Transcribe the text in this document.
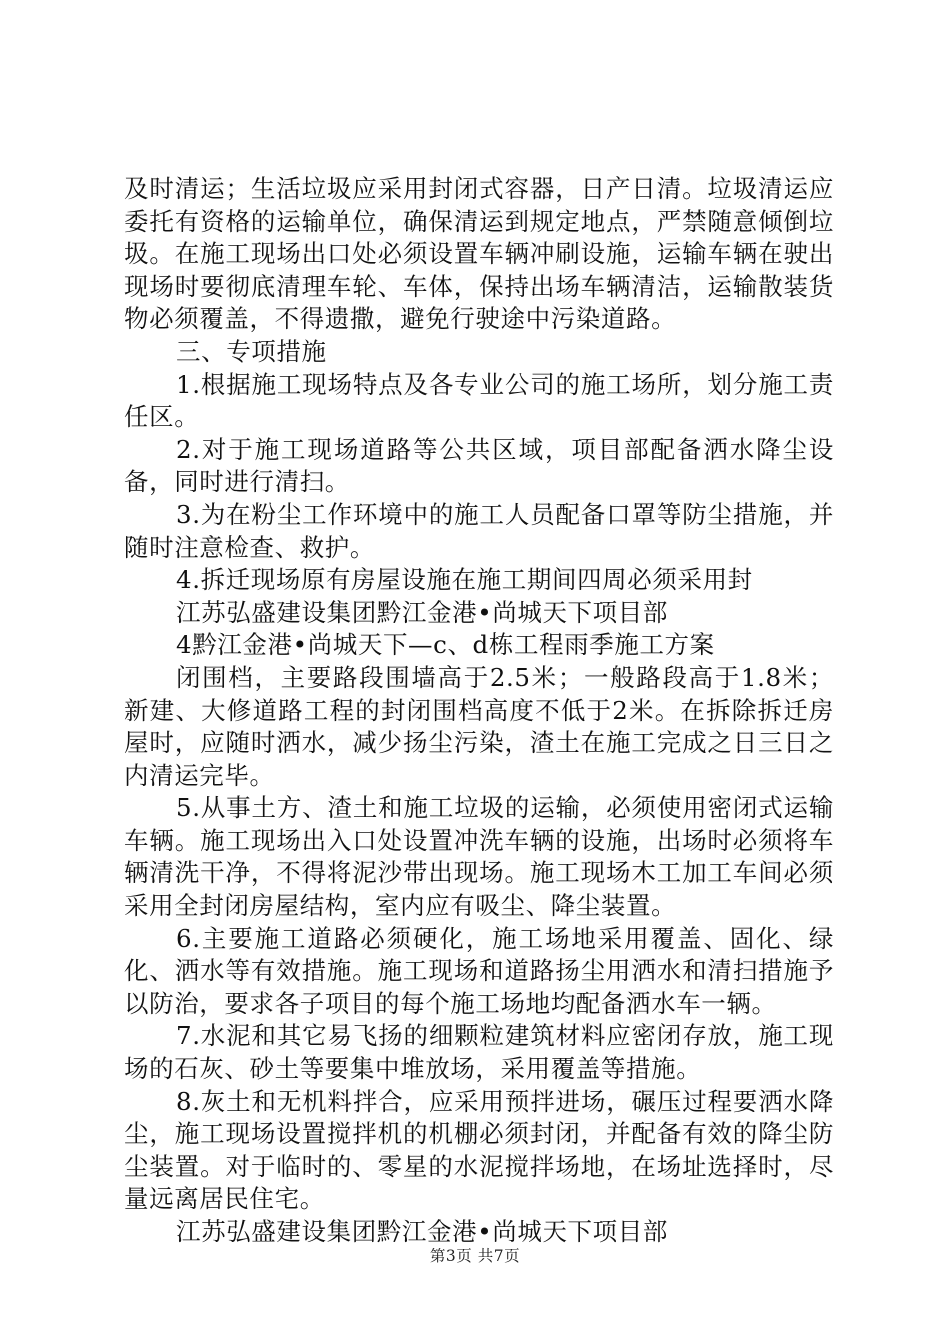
及时清运；生活垃圾应采用封闭式容器，日产日清。垃圾清运应委托有资格的运输单位，确保清运到规定地点，严禁随意倾倒垃圾。在施工现场出口处必须设置车辆冲刷设施，运输车辆在驶出现场时要彻底清理车轮、车体，保持出场车辆清洁，运输散装货物必须覆盖，不得遗撒，避免行驶途中污染道路。

三、专项措施

1.根据施工现场特点及各专业公司的施工场所，划分施工责任区。

2.对于施工现场道路等公共区域，项目部配备洒水降尘设备，同时进行清扫。

3.为在粉尘工作环境中的施工人员配备口罩等防尘措施，并随时注意检查、救护。

4.拆迁现场原有房屋设施在施工期间四周必须采用封

江苏弘盛建设集团黔江金港•尚城天下项目部

4黔江金港•尚城天下—c、d栋工程雨季施工方案

闭围档，主要路段围墙高于2.5米；一般路段高于1.8米；新建、大修道路工程的封闭围档高度不低于2米。在拆除拆迁房屋时，应随时洒水，减少扬尘污染，渣土在施工完成之日三日之内清运完毕。

5.从事土方、渣土和施工垃圾的运输，必须使用密闭式运输车辆。施工现场出入口处设置冲洗车辆的设施，出场时必须将车辆清洗干净，不得将泥沙带出现场。施工现场木工加工车间必须采用全封闭房屋结构，室内应有吸尘、降尘装置。

6.主要施工道路必须硬化，施工场地采用覆盖、固化、绿化、洒水等有效措施。施工现场和道路扬尘用洒水和清扫措施予以防治，要求各子项目的每个施工场地均配备洒水车一辆。

7.水泥和其它易飞扬的细颗粒建筑材料应密闭存放，施工现场的石灰、砂土等要集中堆放场，采用覆盖等措施。

8.灰土和无机料拌合，应采用预拌进场，碾压过程要洒水降尘，施工现场设置搅拌机的机棚必须封闭，并配备有效的降尘防尘装置。对于临时的、零星的水泥搅拌场地，在场址选择时，尽量远离居民住宅。

江苏弘盛建设集团黔江金港•尚城天下项目部

第3页 共7页
